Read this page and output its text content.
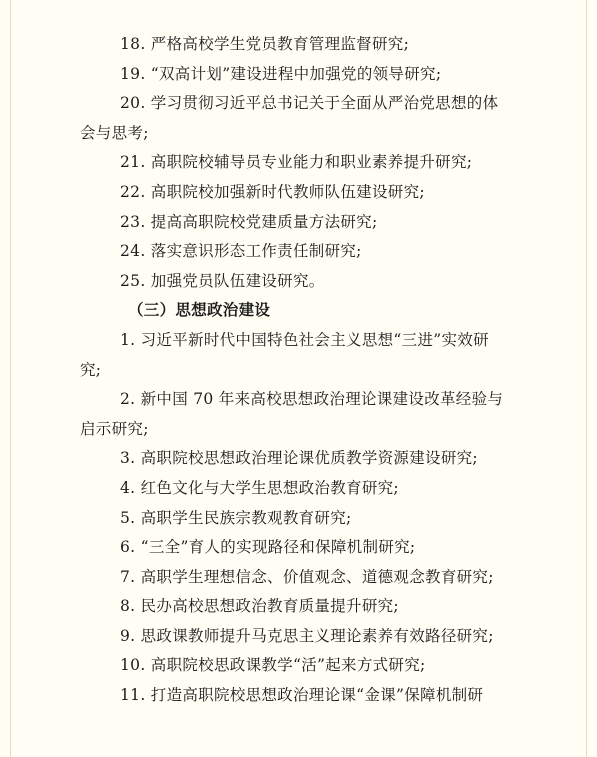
18. 严格高校学生党员教育管理监督研究;
19. “双高计划”建设进程中加强党的领导研究;
20. 学习贯彻习近平总书记关于全面从严治党思想的体
会与思考;
21. 高职院校辅导员专业能力和职业素养提升研究;
22. 高职院校加强新时代教师队伍建设研究;
23. 提高高职院校党建质量方法研究;
24. 落实意识形态工作责任制研究;
25. 加强党员队伍建设研究。
（三）思想政治建设
1. 习近平新时代中国特色社会主义思想“三进”实效研
究;
2. 新中国 70 年来高校思想政治理论课建设改革经验与
启示研究;
3. 高职院校思想政治理论课优质教学资源建设研究;
4. 红色文化与大学生思想政治教育研究;
5. 高职学生民族宗教观教育研究;
6. “三全”育人的实现路径和保障机制研究;
7. 高职学生理想信念、价值观念、道德观念教育研究;
8. 民办高校思想政治教育质量提升研究;
9. 思政课教师提升马克思主义理论素养有效路径研究;
10. 高职院校思政课教学“活”起来方式研究;
11. 打造高职院校思想政治理论课“金课”保障机制研
